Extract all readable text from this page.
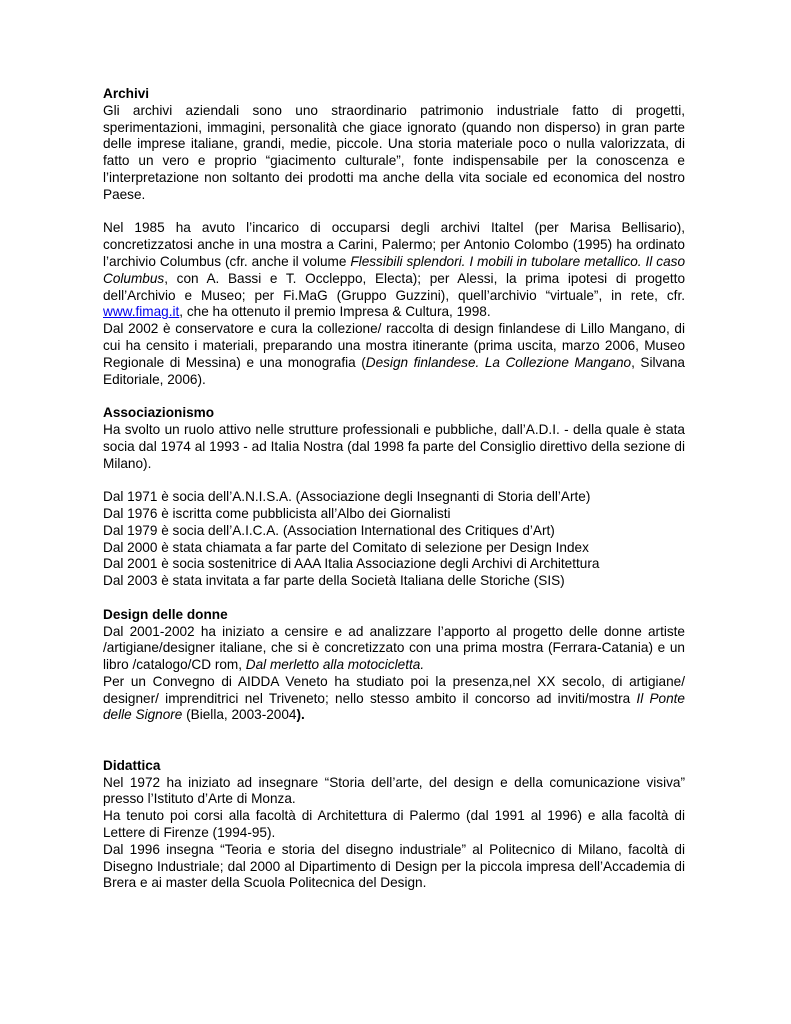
Archivi

Gli archivi aziendali sono uno straordinario patrimonio industriale fatto di progetti, sperimentazioni, immagini, personalità che giace ignorato (quando non disperso) in gran parte delle imprese italiane, grandi, medie, piccole. Una storia materiale poco o nulla valorizzata, di fatto un vero e proprio “giacimento culturale”, fonte indispensabile per la conoscenza e l’interpretazione non soltanto dei prodotti ma anche della vita sociale ed economica del nostro Paese.

Nel 1985 ha avuto l’incarico di occuparsi degli archivi Italtel (per Marisa Bellisario), concretizzatosi anche in una mostra a Carini, Palermo; per Antonio Colombo (1995) ha ordinato l’archivio Columbus (cfr. anche il volume Flessibili splendori. I mobili in tubolare metallico. Il caso Columbus, con A. Bassi e T. Occleppo, Electa); per Alessi, la prima ipotesi di progetto dell’Archivio e Museo; per Fi.MaG (Gruppo Guzzini), quell’archivio “virtuale”, in rete, cfr. www.fimag.it, che ha ottenuto il premio Impresa & Cultura, 1998.

Dal 2002 è conservatore e cura la collezione/ raccolta di design finlandese di Lillo Mangano, di cui ha censito i materiali, preparando una mostra itinerante (prima uscita, marzo 2006, Museo Regionale di Messina) e una monografia (Design finlandese. La Collezione Mangano, Silvana Editoriale, 2006).

Associazionismo

Ha svolto un ruolo attivo nelle strutture professionali e pubbliche, dall’A.D.I. - della quale è stata socia dal 1974 al 1993 - ad Italia Nostra (dal 1998 fa parte del Consiglio direttivo della sezione di Milano).

Dal 1971 è socia dell’A.N.I.S.A. (Associazione degli Insegnanti di Storia dell’Arte)
Dal 1976 è iscritta come pubblicista all’Albo dei Giornalisti
Dal 1979 è socia dell’A.I.C.A. (Association International des Critiques d’Art)
Dal 2000 è stata chiamata a far parte del Comitato di selezione per Design Index
Dal 2001 è socia sostenitrice di AAA Italia Associazione degli Archivi di Architettura
Dal 2003 è stata invitata a far parte della Società Italiana delle Storiche (SIS)
Design delle donne

Dal 2001-2002 ha iniziato a censire e ad analizzare l’apporto al progetto delle donne artiste /artigiane/designer italiane, che si è concretizzato con una prima mostra (Ferrara-Catania) e un libro /catalogo/CD rom, Dal merletto alla motocicletta.

Per un Convegno di AIDDA Veneto ha studiato poi la presenza,nel XX secolo, di artigiane/ designer/ imprenditrici nel Triveneto; nello stesso ambito il concorso ad inviti/mostra Il Ponte delle Signore (Biella, 2003-2004).

Didattica

Nel 1972 ha iniziato ad insegnare “Storia dell’arte, del design e della comunicazione visiva” presso l’Istituto d’Arte di Monza.

Ha tenuto poi corsi alla facoltà di Architettura di Palermo (dal 1991 al 1996) e alla facoltà di Lettere di Firenze (1994-95).

Dal 1996 insegna “Teoria e storia del disegno industriale” al Politecnico di Milano, facoltà di Disegno Industriale; dal 2000 al Dipartimento di Design per la piccola impresa dell’Accademia di Brera e ai master della Scuola Politecnica del Design.
